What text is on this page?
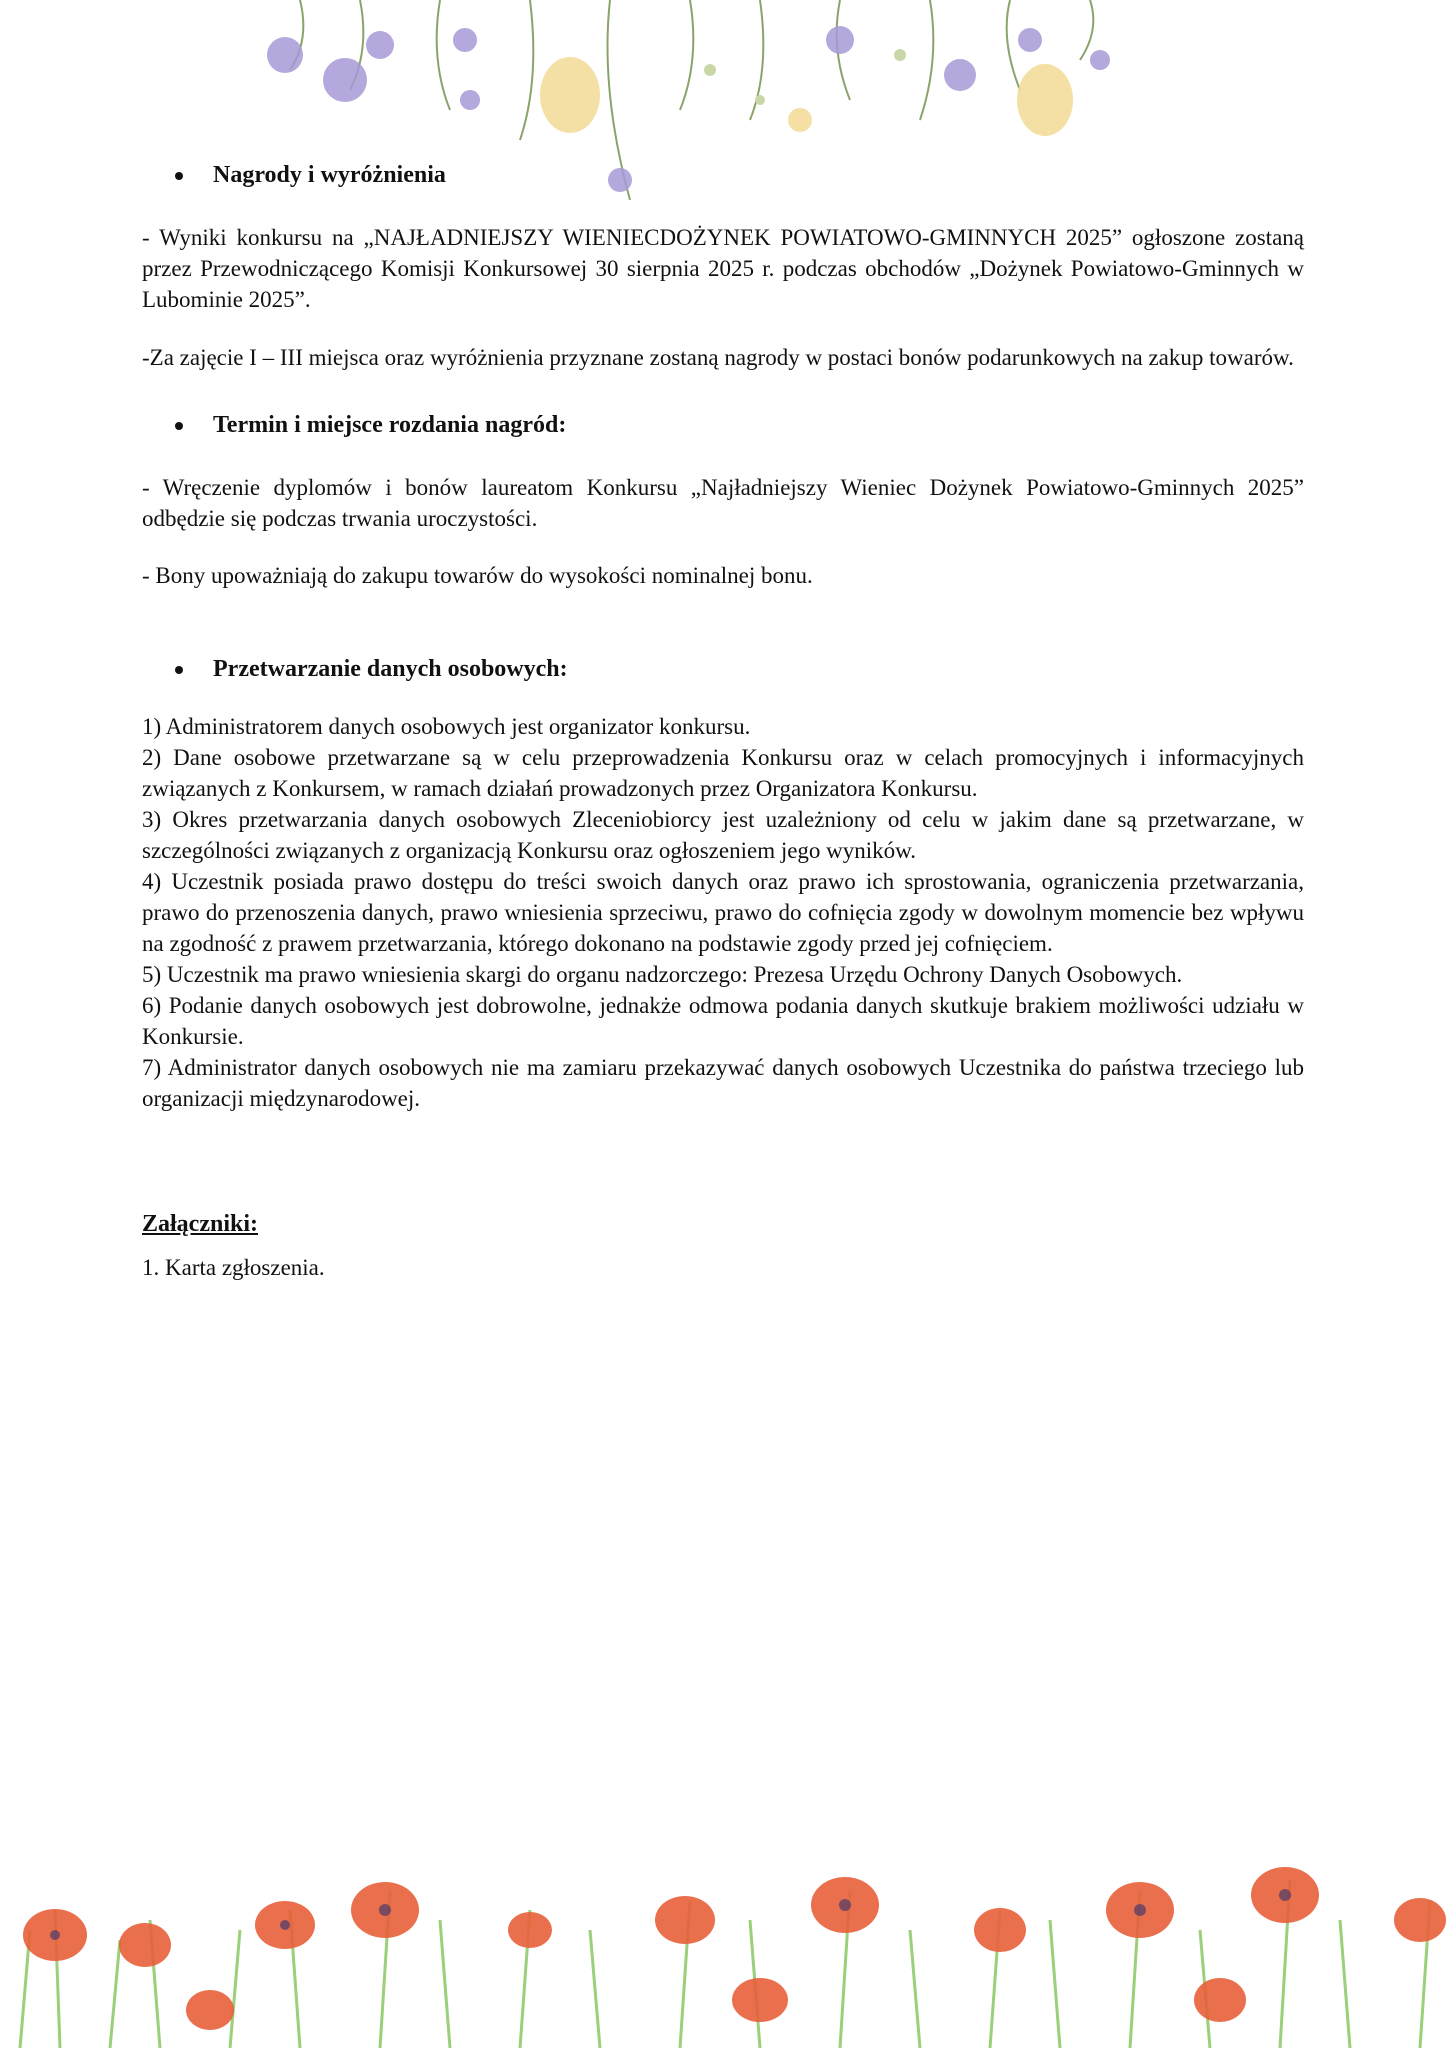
Nagrody i wyróżnienia

- Wyniki konkursu na „NAJŁADNIEJSZY WIENIECDOŻYNEK POWIATOWO-GMINNYCH 2025” ogłoszone zostaną przez Przewodniczącego Komisji Konkursowej 30 sierpnia 2025 r. podczas obchodów „Dożynek Powiatowo-Gminnych w Lubominie 2025”.

-Za zajęcie I – III miejsca oraz wyróżnienia przyznane zostaną nagrody w postaci bonów podarunkowych na zakup towarów.

Termin i miejsce rozdania nagród:

- Wręczenie dyplomów i bonów laureatom Konkursu „Najładniejszy Wieniec Dożynek Powiatowo-Gminnych 2025” odbędzie się podczas trwania uroczystości.

- Bony upoważniają do zakupu towarów do wysokości nominalnej bonu.

Przetwarzanie danych osobowych:

1) Administratorem danych osobowych jest organizator konkursu.

2) Dane osobowe przetwarzane są w celu przeprowadzenia Konkursu oraz w celach promocyjnych i informacyjnych związanych z Konkursem, w ramach działań prowadzonych przez Organizatora Konkursu.

3) Okres przetwarzania danych osobowych Zleceniobiorcy jest uzależniony od celu w jakim dane są przetwarzane, w szczególności związanych z organizacją Konkursu oraz ogłoszeniem jego wyników.

4) Uczestnik posiada prawo dostępu do treści swoich danych oraz prawo ich sprostowania, ograniczenia przetwarzania, prawo do przenoszenia danych, prawo wniesienia sprzeciwu, prawo do cofnięcia zgody w dowolnym momencie bez wpływu na zgodność z prawem przetwarzania, którego dokonano na podstawie zgody przed jej cofnięciem.

5) Uczestnik ma prawo wniesienia skargi do organu nadzorczego: Prezesa Urzędu Ochrony Danych Osobowych.

6) Podanie danych osobowych jest dobrowolne, jednakże odmowa podania danych skutkuje brakiem możliwości udziału w Konkursie.

7) Administrator danych osobowych nie ma zamiaru przekazywać danych osobowych Uczestnika do państwa trzeciego lub organizacji międzynarodowej.

Załączniki:

1. Karta zgłoszenia.
